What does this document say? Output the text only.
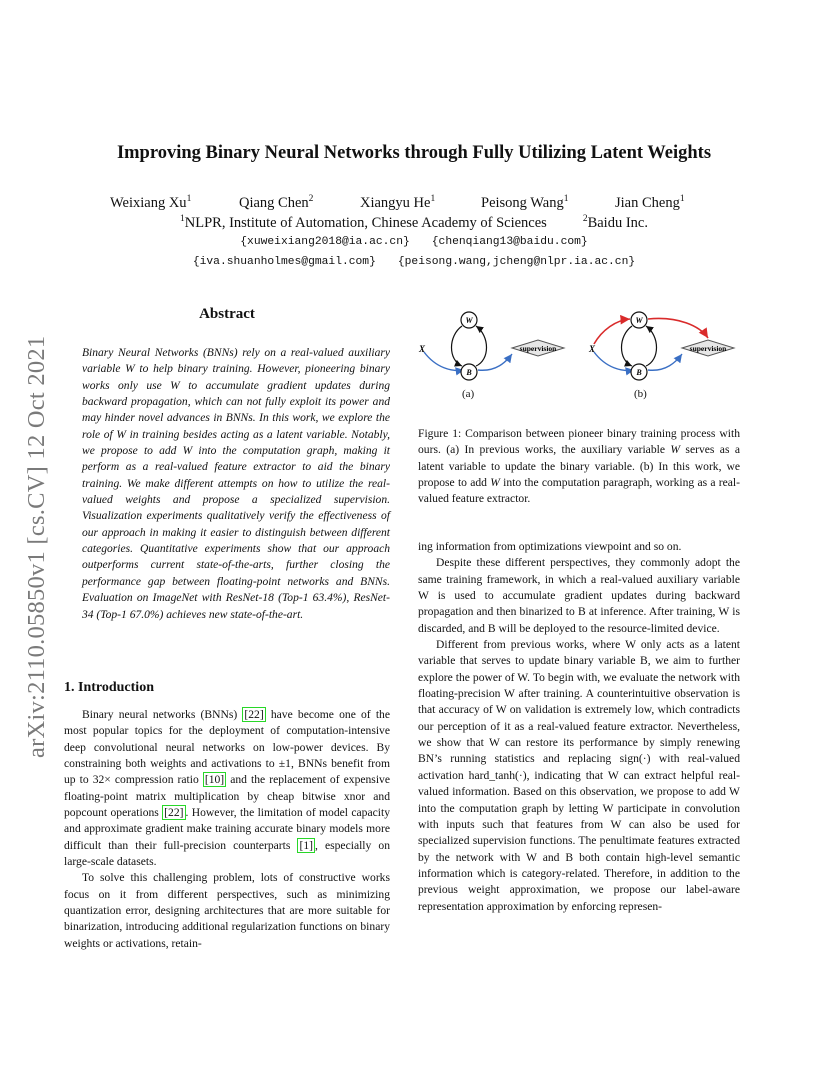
Improving Binary Neural Networks through Fully Utilizing Latent Weights
Weixiang Xu$^1$	Qiang Chen$^2$	Xiangyu He$^1$	Peisong Wang$^1$	Jian Cheng$^1$
$^1$NLPR, Institute of Automation, Chinese Academy of Sciences	$^2$Baidu Inc.
{xuweixiang2018@ia.ac.cn} {chenqiang13@baidu.com}
{iva.shuanholmes@gmail.com} {peisong.wang,jcheng@nlpr.ia.ac.cn}
arXiv:2110.05850v1 [cs.CV] 12 Oct 2021
Abstract

Binary Neural Networks (BNNs) rely on a real-valued auxiliary variable W to help binary training. However, pioneering binary works only use W to accumulate gradient updates during backward propagation, which can not fully exploit its power and may hinder novel advances in BNNs. In this work, we explore the role of W in training besides acting as a latent variable. Notably, we propose to add W into the computation graph, making it perform as a real-valued feature extractor to aid the binary training. We make different attempts on how to utilize the real-valued weights and propose a specialized supervision. Visualization experiments qualitatively verify the effectiveness of our approach in making it easier to distinguish between different categories. Quantitative experiments show that our approach outperforms current state-of-the-arts, further closing the performance gap between floating-point networks and BNNs. Evaluation on ImageNet with ResNet-18 (Top-1 63.4%), ResNet-34 (Top-1 67.0%) achieves new state-of-the-art.

1. Introduction

Binary neural networks (BNNs) [22] have become one of the most popular topics for the deployment of computation-intensive deep convolutional neural networks on low-power devices. By constraining both weights and activations to ±1, BNNs benefit from up to 32× compression ratio [10] and the replacement of expensive floating-point matrix multiplication by cheap bitwise xnor and popcount operations [22] . However, the limitation of model capacity and approximate gradient make training accurate binary models more difficult than their full-precision counterparts [1] , especially on large-scale datasets.

To solve this challenging problem, lots of constructive works focus on it from different perspectives, such as minimizing quantization error, designing architectures that are more suitable for binarization, introducing additional regularization functions on binary weights or activations, retain-

W
B
X	supervision
W
B
X	supervision
(a)	(b)

Figure 1: Comparison between pioneer binary training process with ours. (a) In previous works, the auxiliary variable W serves as a latent variable to update the binary variable. (b) In this work, we propose to add W into the computation paragraph, working as a real-valued feature extractor.

ing information from optimizations viewpoint and so on.

Despite these different perspectives, they commonly adopt the same training framework, in which a real-valued auxiliary variable W is used to accumulate gradient updates during backward propagation and then binarized to B at inference. After training, W is discarded, and B will be deployed to the resource-limited device.

Different from previous works, where W only acts as a latent variable that serves to update binary variable B, we aim to further explore the power of W. To begin with, we evaluate the network with floating-precision W after training. A counterintuitive observation is that accuracy of W on validation is extremely low, which contradicts our perception of it as a real-valued feature extractor. Nevertheless, we show that W can restore its performance by simply renewing BN’s running statistics and replacing sign(·) with real-valued activation hard_tanh(·), indicating that W can extract helpful real-valued information. Based on this observation, we propose to add W into the computation graph by letting W participate in convolution with inputs such that features from W can also be used for specialized supervision functions. The penultimate features extracted by the network with W and B both contain high-level semantic information which is category-related. Therefore, in addition to the previous weight approximation, we propose our label-aware representation approximation by enforcing represen-
